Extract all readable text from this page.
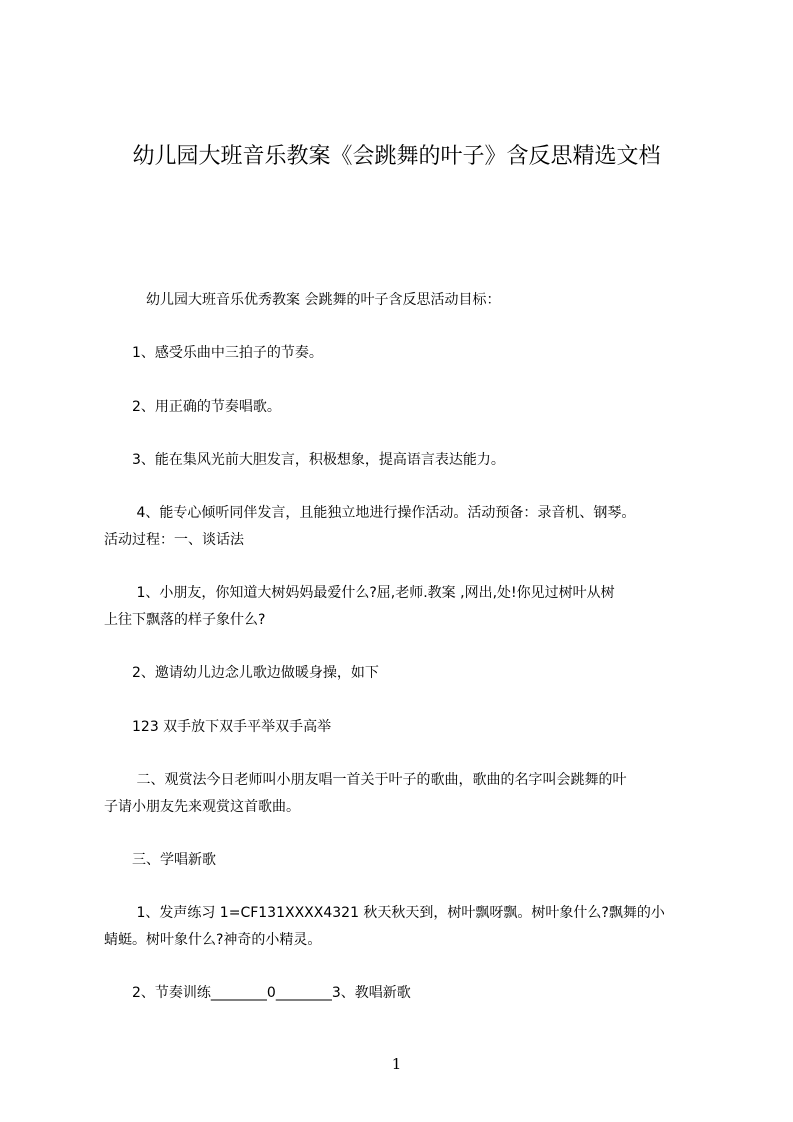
幼儿园大班音乐教案《会跳舞的叶子》含反思精选文档
　　　幼儿园大班音乐优秀教案 会跳舞的叶子含反思活动目标：
　　1、感受乐曲中三拍子的节奏。
　　2、用正确的节奏唱歌。
　　3、能在集风光前大胆发言，积极想象，提高语言表达能力。
　　 4、能专心倾听同伴发言，且能独立地进行操作活动。活动预备：录音机、钢琴。
活动过程：一、谈话法
　　 1、小朋友，你知道大树妈妈最爱什么?屈,老师.教案 ,网出,处!你见过树叶从树
上往下飘落的样子象什么?
　　2、邀请幼儿边念儿歌边做暖身操，如下
　　123 双手放下双手平举双手高举
　　 二、观赏法今日老师叫小朋友唱一首关于叶子的歌曲，歌曲的名字叫会跳舞的叶
子请小朋友先来观赏这首歌曲。
　　三、学唱新歌
　　 1、发声练习 1=CF131XXXX4321 秋天秋天到，树叶飘呀飘。树叶象什么?飘舞的小
蜻蜓。树叶象什么?神奇的小精灵。
　　2、节奏训练________0________3、教唱新歌
1
